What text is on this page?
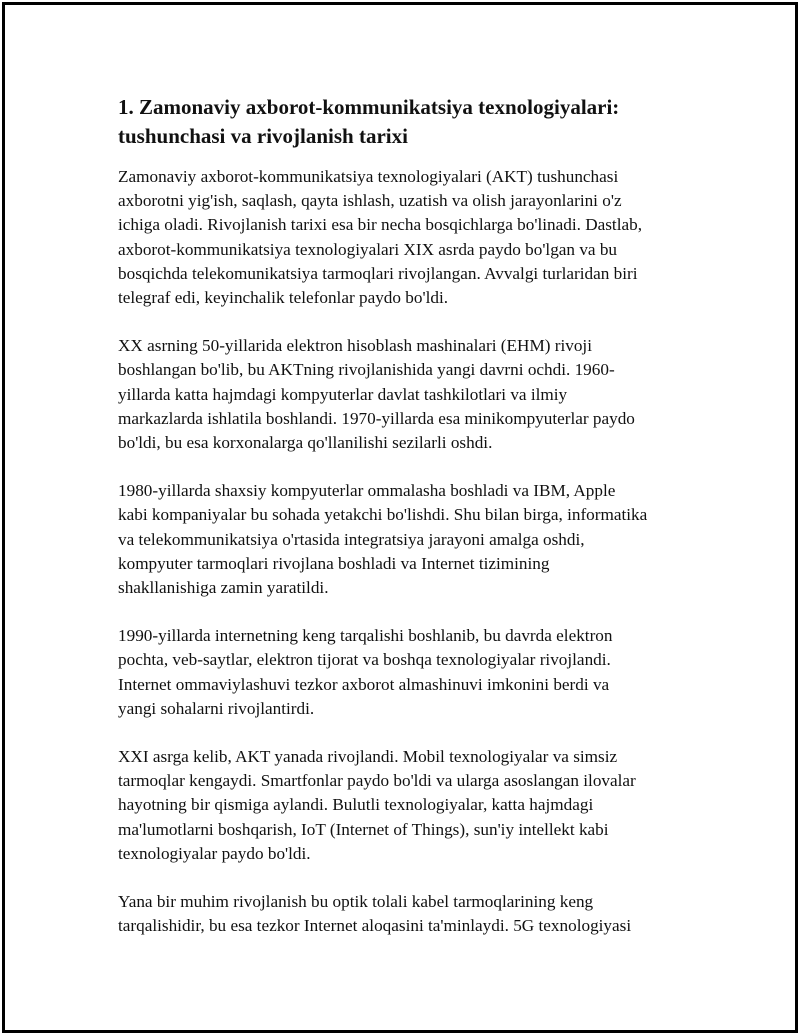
1. Zamonaviy axborot-kommunikatsiya texnologiyalari:
tushunchasi va rivojlanish tarixi

Zamonaviy axborot-kommunikatsiya texnologiyalari (AKT) tushunchasi
axborotni yig'ish, saqlash, qayta ishlash, uzatish va olish jarayonlarini o'z
ichiga oladi. Rivojlanish tarixi esa bir necha bosqichlarga bo'linadi. Dastlab,
axborot-kommunikatsiya texnologiyalari XIX asrda paydo bo'lgan va bu
bosqichda telekomunikatsiya tarmoqlari rivojlangan. Avvalgi turlaridan biri
telegraf edi, keyinchalik telefonlar paydo bo'ldi.

XX asrning 50-yillarida elektron hisoblash mashinalari (EHM) rivoji
boshlangan bo'lib, bu AKTning rivojlanishida yangi davrni ochdi. 1960-
yillarda katta hajmdagi kompyuterlar davlat tashkilotlari va ilmiy
markazlarda ishlatila boshlandi. 1970-yillarda esa minikompyuterlar paydo
bo'ldi, bu esa korxonalarga qo'llanilishi sezilarli oshdi.

1980-yillarda shaxsiy kompyuterlar ommalasha boshladi va IBM, Apple
kabi kompaniyalar bu sohada yetakchi bo'lishdi. Shu bilan birga, informatika
va telekommunikatsiya o'rtasida integratsiya jarayoni amalga oshdi,
kompyuter tarmoqlari rivojlana boshladi va Internet tizimining
shakllanishiga zamin yaratildi.

1990-yillarda internetning keng tarqalishi boshlanib, bu davrda elektron
pochta, veb-saytlar, elektron tijorat va boshqa texnologiyalar rivojlandi.
Internet ommaviylashuvi tezkor axborot almashinuvi imkonini berdi va
yangi sohalarni rivojlantirdi.

XXI asrga kelib, AKT yanada rivojlandi. Mobil texnologiyalar va simsiz
tarmoqlar kengaydi. Smartfonlar paydo bo'ldi va ularga asoslangan ilovalar
hayotning bir qismiga aylandi. Bulutli texnologiyalar, katta hajmdagi
ma'lumotlarni boshqarish, IoT (Internet of Things), sun'iy intellekt kabi
texnologiyalar paydo bo'ldi.

Yana bir muhim rivojlanish bu optik tolali kabel tarmoqlarining keng
tarqalishidir, bu esa tezkor Internet aloqasini ta'minlaydi. 5G texnologiyasi
